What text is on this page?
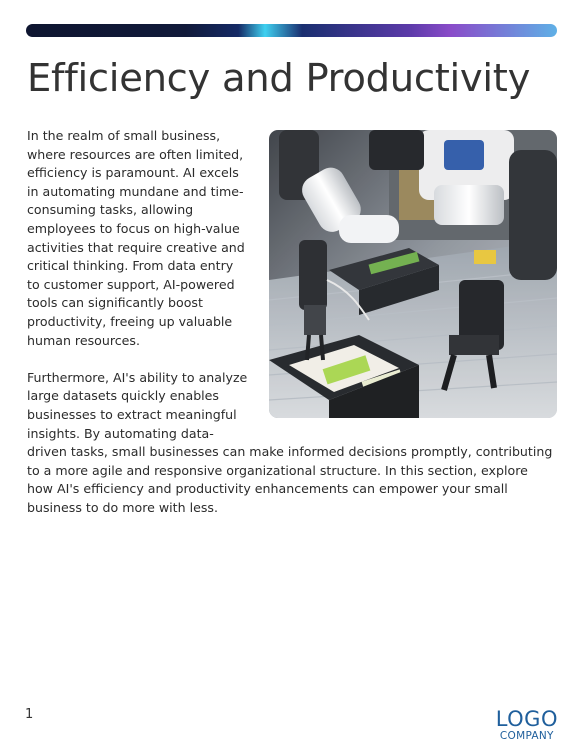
Efficiency and Productivity

In the realm of small business, where resources are often limited, efficiency is paramount. AI excels in automating mundane and time-consuming tasks, allowing employees to focus on high-value activities that require creative and critical thinking. From data entry to customer support, AI-powered tools can significantly boost productivity, freeing up valuable human resources.

Furthermore, AI's ability to analyze large datasets quickly enables businesses to extract meaningful insights. By automating data-driven tasks, small businesses can make informed decisions promptly, contributing to a more agile and responsive organizational structure. In this section, explore how AI's efficiency and productivity enhancements can empower your small business to do more with less.

1	LOGO
COMPANY
